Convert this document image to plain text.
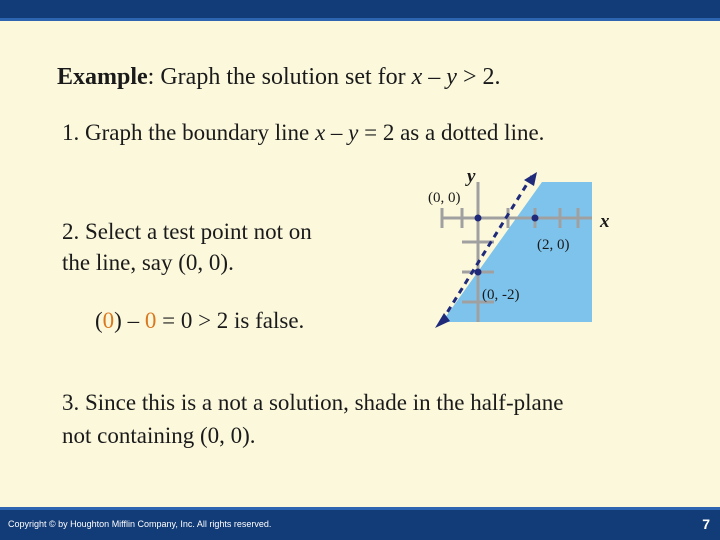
Example: Graph the solution set for x – y > 2.
1. Graph the boundary line x – y = 2 as a dotted line.
2. Select a test point not on
the line, say (0, 0).
(0) – 0 = 0 > 2 is false.
3. Since this is a not a solution, shade in the half-plane
not containing (0, 0).
y
x
(0, 0)
(2, 0)
(0, -2)
Copyright © by Houghton Mifflin Company, Inc. All rights reserved.	7
